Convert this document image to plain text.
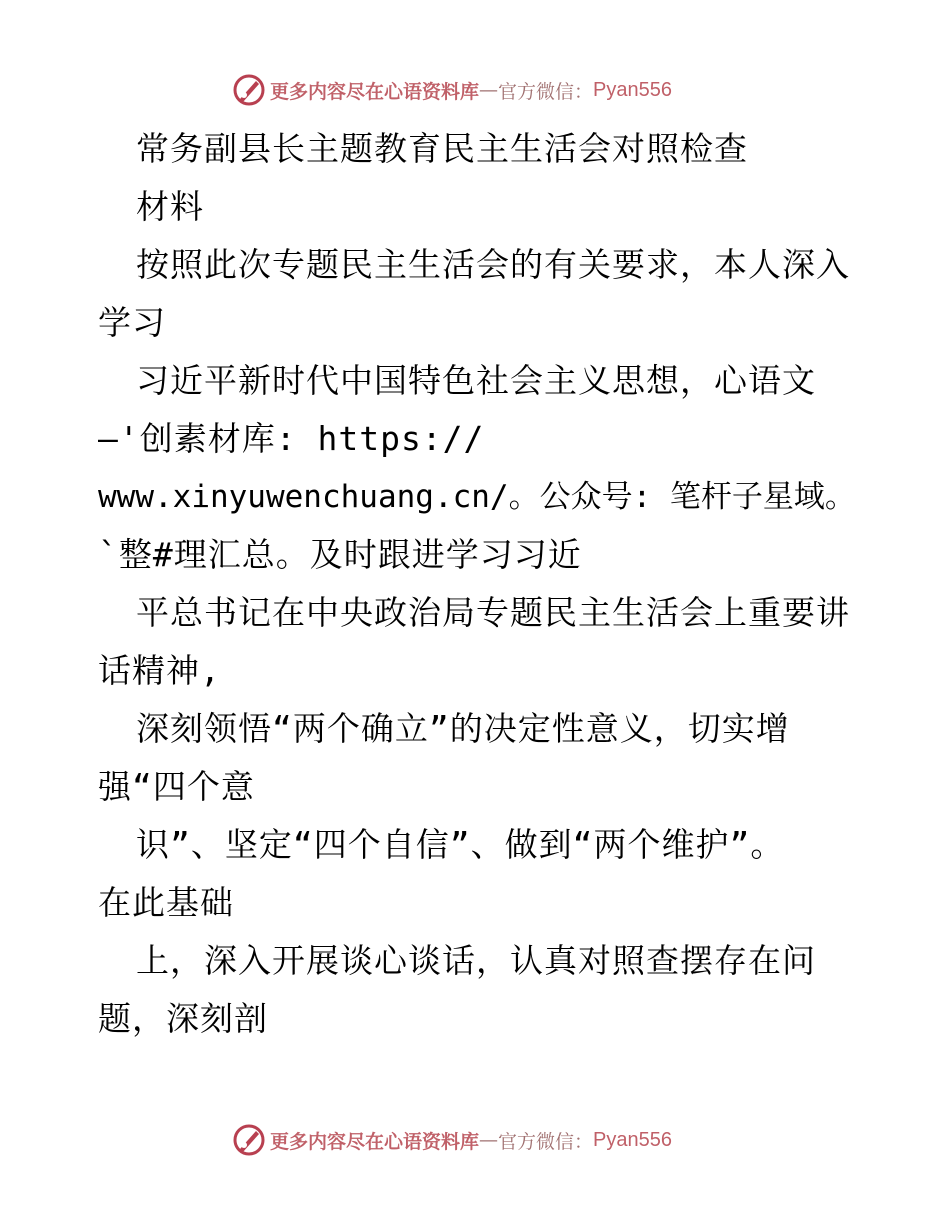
更多内容尽在心语资料库 — 官方微信： Pyan556
常务副县长主题教育民主生活会对照检查
材料
按照此次专题民主生活会的有关要求，本人深入
学习
习近平新时代中国特色社会主义思想，心语文
—'创素材库: https://
www.xinyuwenchuang.cn/。公众号: 笔杆子星域。
`整#理汇总。及时跟进学习习近
平总书记在中央政治局专题民主生活会上重要讲
话精神,
深刻领悟“两个确立”的决定性意义，切实增
强“四个意
识”、坚定“四个自信”、做到“两个维护”。
在此基础
上，深入开展谈心谈话，认真对照查摆存在问
题，深刻剖
更多内容尽在心语资料库 — 官方微信： Pyan556
